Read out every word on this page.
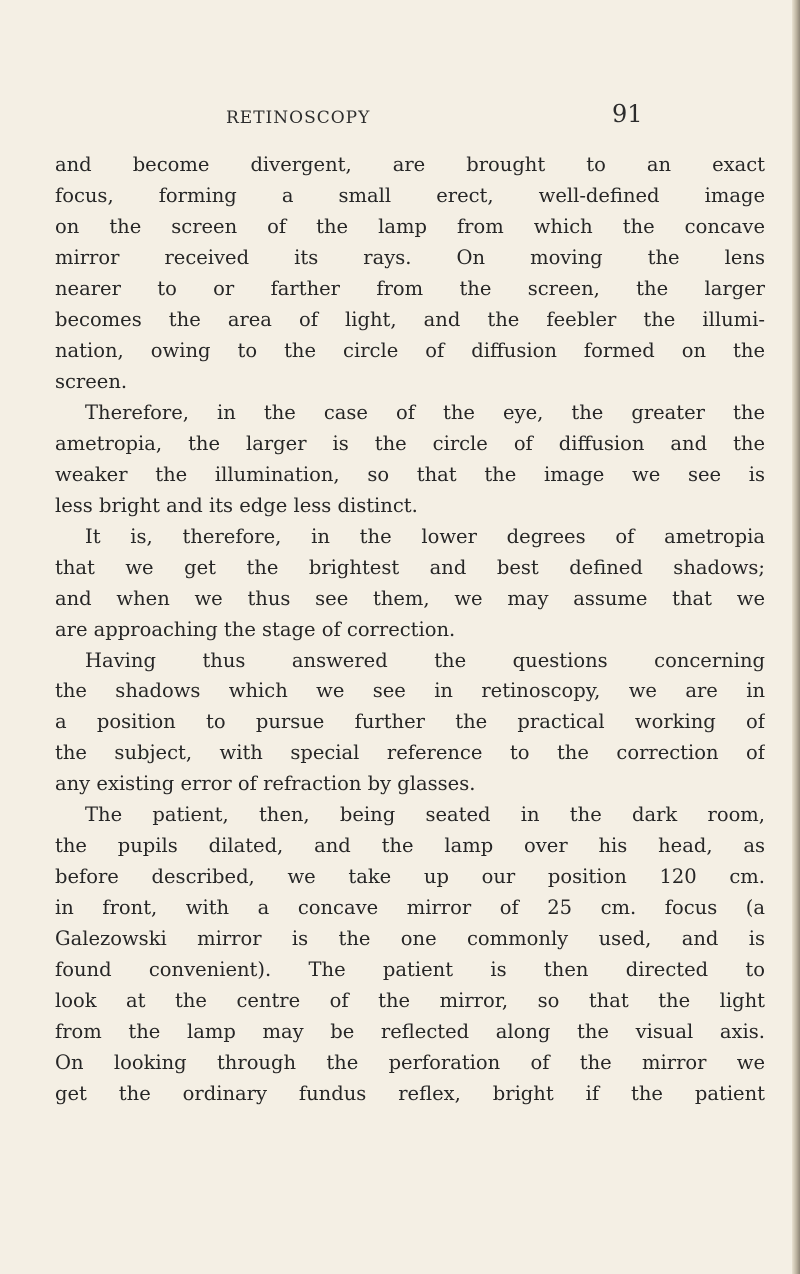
RETINOSCOPY	91
and become divergent, are brought to an exact
focus, forming a small erect, well-defined image
on the screen of the lamp from which the concave
mirror received its rays. On moving the lens
nearer to or farther from the screen, the larger
becomes the area of light, and the feebler the illumi-
nation, owing to the circle of diffusion formed on the
screen.
Therefore, in the case of the eye, the greater the
ametropia, the larger is the circle of diffusion and the
weaker the illumination, so that the image we see is
less bright and its edge less distinct.
It is, therefore, in the lower degrees of ametropia
that we get the brightest and best defined shadows;
and when we thus see them, we may assume that we
are approaching the stage of correction.
Having thus answered the questions concerning
the shadows which we see in retinoscopy, we are in
a position to pursue further the practical working of
the subject, with special reference to the correction of
any existing error of refraction by glasses.
The patient, then, being seated in the dark room,
the pupils dilated, and the lamp over his head, as
before described, we take up our position 120 cm.
in front, with a concave mirror of 25 cm. focus (a
Galezowski mirror is the one commonly used, and is
found convenient). The patient is then directed to
look at the centre of the mirror, so that the light
from the lamp may be reflected along the visual axis.
On looking through the perforation of the mirror we
get the ordinary fundus reflex, bright if the patient
